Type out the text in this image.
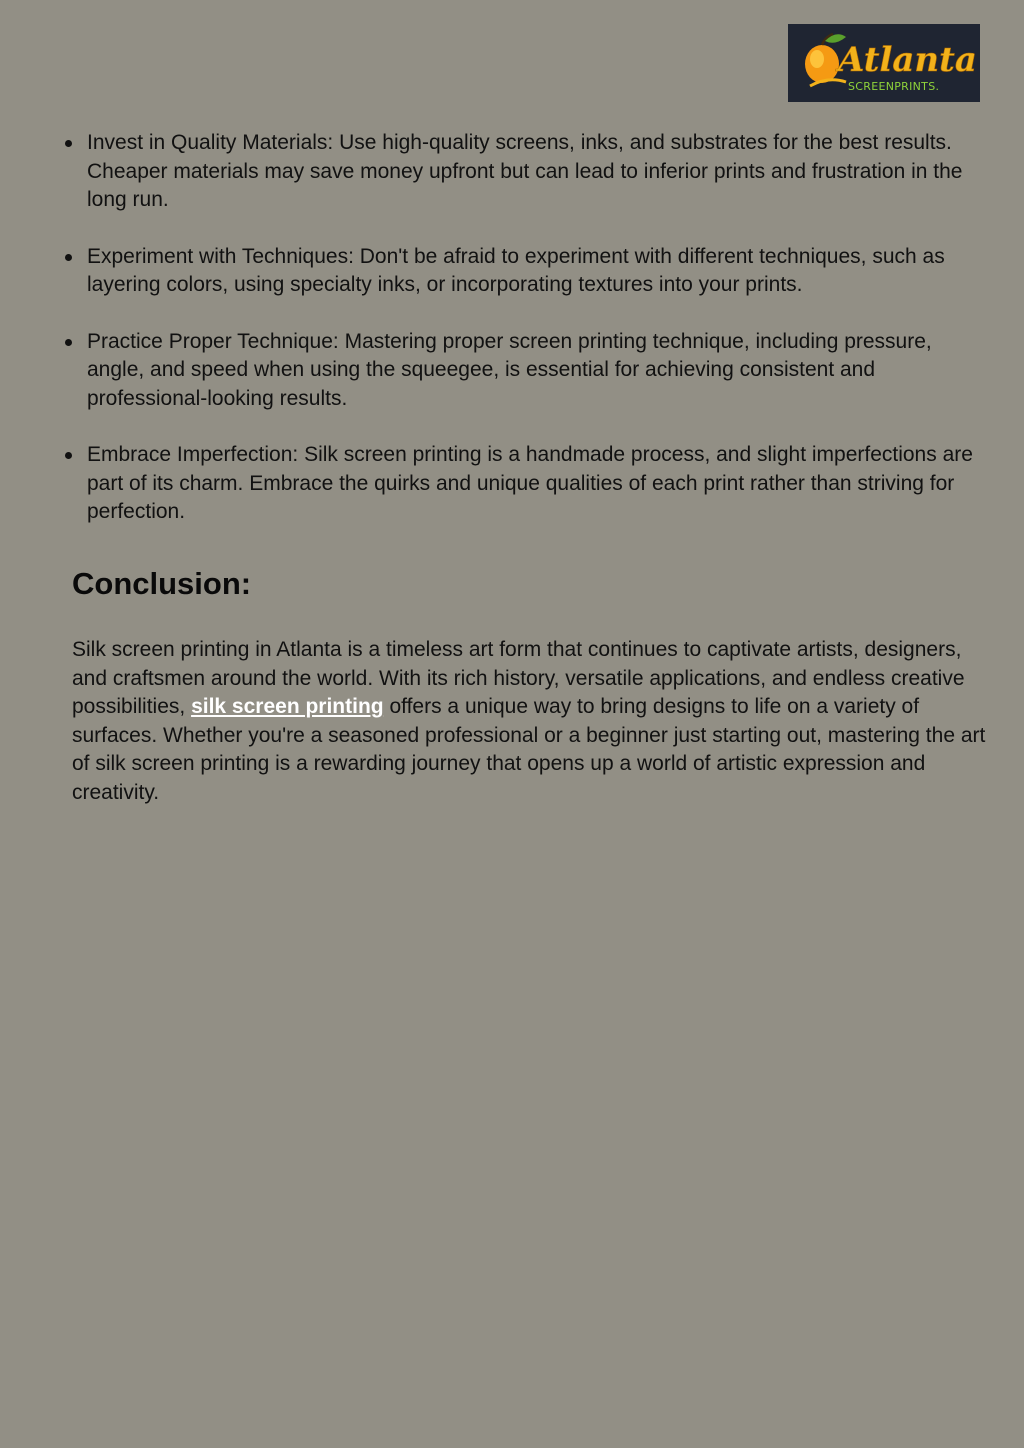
Atlanta
SCREENPRINTS.
Invest in Quality Materials: Use high-quality screens, inks, and substrates for the best results. Cheaper materials may save money upfront but can lead to inferior prints and frustration in the long run.
Experiment with Techniques: Don't be afraid to experiment with different techniques, such as layering colors, using specialty inks, or incorporating textures into your prints.
Practice Proper Technique: Mastering proper screen printing technique, including pressure, angle, and speed when using the squeegee, is essential for achieving consistent and professional-looking results.
Embrace Imperfection: Silk screen printing is a handmade process, and slight imperfections are part of its charm. Embrace the quirks and unique qualities of each print rather than striving for perfection.
Conclusion:

Silk screen printing in Atlanta is a timeless art form that continues to captivate artists, designers, and craftsmen around the world. With its rich history, versatile applications, and endless creative possibilities, silk screen printing offers a unique way to bring designs to life on a variety of surfaces. Whether you're a seasoned professional or a beginner just starting out, mastering the art of silk screen printing is a rewarding journey that opens up a world of artistic expression and creativity.
